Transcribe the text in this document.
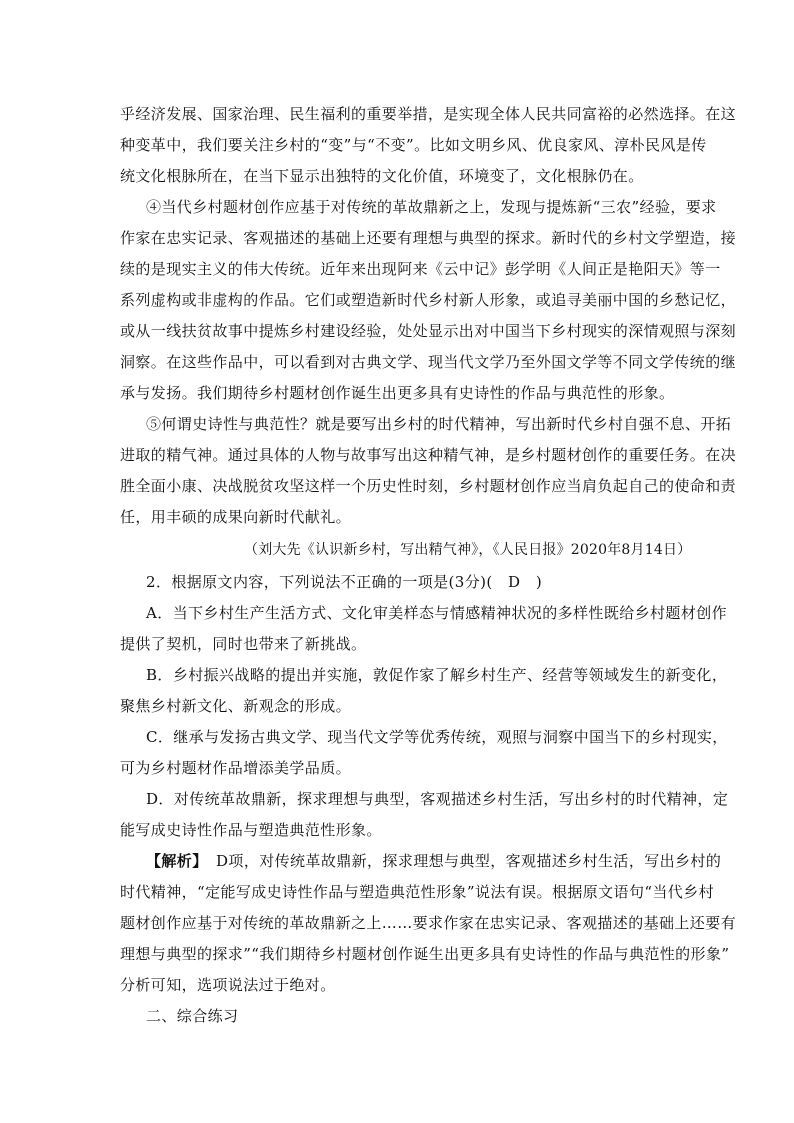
乎经济发展、国家治理、民生福利的重要举措，是实现全体人民共同富裕的必然选择。在这
种变革中，我们要关注乡村的“变”与“不变”。比如文明乡风、优良家风、淳朴民风是传
统文化根脉所在，在当下显示出独特的文化价值，环境变了，文化根脉仍在。
④当代乡村题材创作应基于对传统的革故鼎新之上，发现与提炼新“三农”经验，要求
作家在忠实记录、客观描述的基础上还要有理想与典型的探求。新时代的乡村文学塑造，接
续的是现实主义的伟大传统。近年来出现阿来《云中记》彭学明《人间正是艳阳天》等一
系列虚构或非虚构的作品。它们或塑造新时代乡村新人形象，或追寻美丽中国的乡愁记忆，
或从一线扶贫故事中提炼乡村建设经验，处处显示出对中国当下乡村现实的深情观照与深刻
洞察。在这些作品中，可以看到对古典文学、现当代文学乃至外国文学等不同文学传统的继
承与发扬。我们期待乡村题材创作诞生出更多具有史诗性的作品与典范性的形象。
⑤何谓史诗性与典范性？就是要写出乡村的时代精神，写出新时代乡村自强不息、开拓
进取的精气神。通过具体的人物与故事写出这种精气神，是乡村题材创作的重要任务。在决
胜全面小康、决战脱贫攻坚这样一个历史性时刻，乡村题材创作应当肩负起自己的使命和责
任，用丰硕的成果向新时代献礼。
（刘大先《认识新乡村，写出精气神》，《人民日报》2020年8月14日）
2．根据原文内容，下列说法不正确的一项是(3分)(　D　)
A．当下乡村生产生活方式、文化审美样态与情感精神状况的多样性既给乡村题材创作
提供了契机，同时也带来了新挑战。
B．乡村振兴战略的提出并实施，敦促作家了解乡村生产、经营等领域发生的新变化，
聚焦乡村新文化、新观念的形成。
C．继承与发扬古典文学、现当代文学等优秀传统，观照与洞察中国当下的乡村现实，
可为乡村题材作品增添美学品质。
D．对传统革故鼎新，探求理想与典型，客观描述乡村生活，写出乡村的时代精神，定
能写成史诗性作品与塑造典范性形象。
【解析】 D项，对传统革故鼎新，探求理想与典型，客观描述乡村生活，写出乡村的
时代精神，“定能写成史诗性作品与塑造典范性形象”说法有误。根据原文语句“当代乡村
题材创作应基于对传统的革故鼎新之上……要求作家在忠实记录、客观描述的基础上还要有
理想与典型的探求”“我们期待乡村题材创作诞生出更多具有史诗性的作品与典范性的形象”
分析可知，选项说法过于绝对。
二、综合练习
